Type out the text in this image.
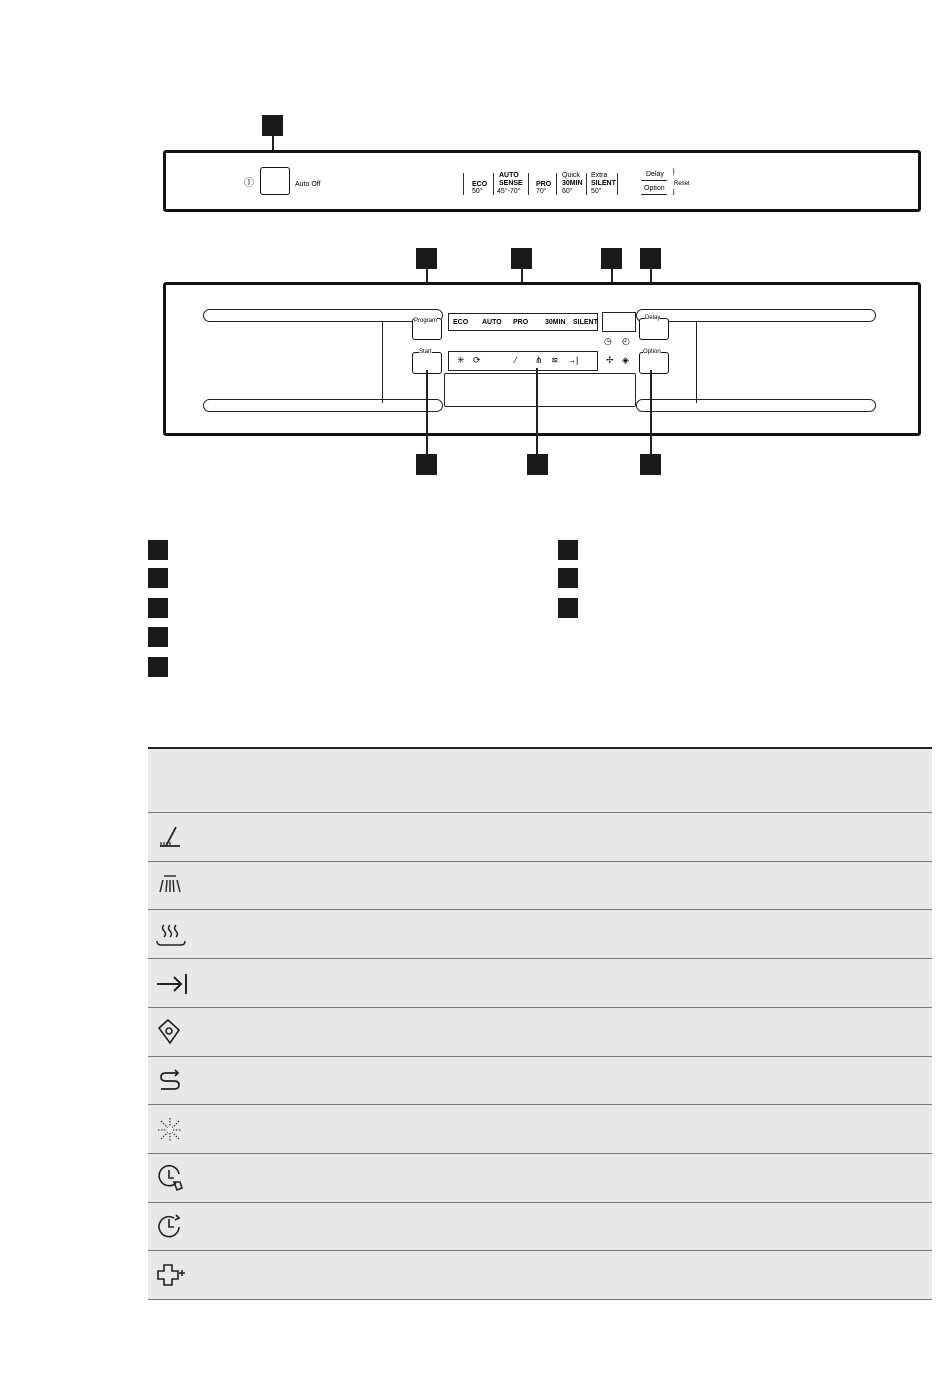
Ⓘ	Auto Off	ECO
50°
AUTO
SENSE
45°-70°
PRO
70°
Quick
30MIN
60°
Extra
SILENT
50°
Delay
Option
⌉
Reset
⌋
Program
Start
ECO AUTO PRO 30MIN SILENT
◷ ◴
✢ ◈
✳ ⟳	⁄ ⋔ ≋ →|
Delay
Option
